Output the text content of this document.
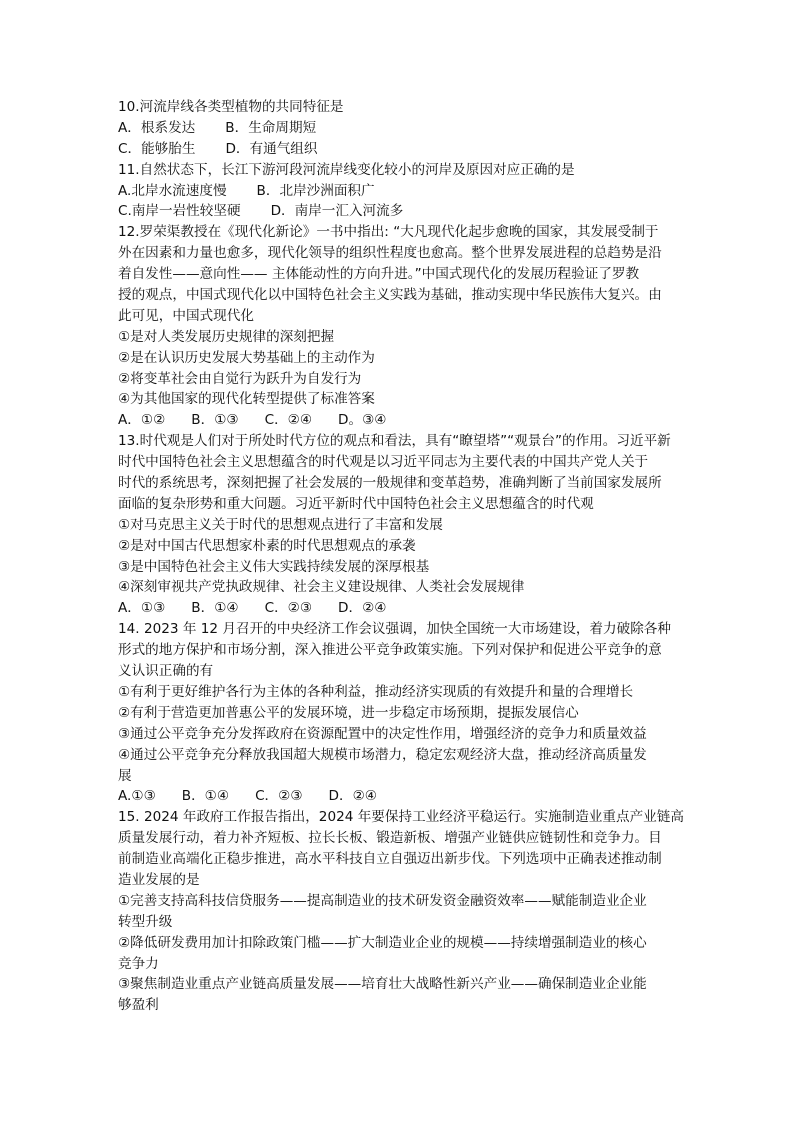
10.河流岸线各类型植物的共同特征是
A．根系发达 B．生命周期短
C．能够胎生 D．有通气组织
11.自然状态下，长江下游河段河流岸线变化较小的河岸及原因对应正确的是
A.北岸水流速度慢 B．北岸沙洲面积广
C.南岸一岩性较坚硬 D．南岸一汇入河流多
12.罗荣渠教授在《现代化新论》一书中指出: “大凡现代化起步愈晚的国家，其发展受制于
外在因素和力量也愈多，现代化领导的组织性程度也愈高。整个世界发展进程的总趋势是沿
着自发性——意向性—— 主体能动性的方向升进。”中国式现代化的发展历程验证了罗教
授的观点，中国式现代化以中国特色社会主义实践为基础，推动实现中华民族伟大复兴。由
此可见，中国式现代化
①是对人类发展历史规律的深刻把握
②是在认识历史发展大势基础上的主动作为
②将变革社会由自觉行为跃升为自发行为
④为其他国家的现代化转型提供了标准答案
A．①② B．①③ C．②④ D。③④
13.时代观是人们对于所处时代方位的观点和看法，具有“瞭望塔”“观景台”的作用。习近平新
时代中国特色社会主义思想蕴含的时代观是以习近平同志为主要代表的中国共产党人关于
时代的系统思考，深刻把握了社会发展的一般规律和变革趋势，准确判断了当前国家发展所
面临的复杂形势和重大问题。习近平新时代中国特色社会主义思想蕴含的时代观
①对马克思主义关于时代的思想观点进行了丰富和发展
②是对中国古代思想家朴素的时代思想观点的承袭
③是中国特色社会主义伟大实践持续发展的深厚根基
④深刻审视共产党执政规律、社会主义建设规律、人类社会发展规律
A．①③ B．①④ C．②③ D．②④
14. 2023 年 12 月召开的中央经济工作会议强调，加快全国统一大市场建设，着力破除各种
形式的地方保护和市场分割，深入推进公平竞争政策实施。下列对保护和促进公平竞争的意
义认识正确的有
①有利于更好维护各行为主体的各种利益，推动经济实现质的有效提升和量的合理增长
②有利于营造更加普惠公平的发展环境，进一步稳定市场预期，提振发展信心
③通过公平竞争充分发挥政府在资源配置中的决定性作用，增强经济的竞争力和质量效益
④通过公平竞争充分释放我国超大规模市场潜力，稳定宏观经济大盘，推动经济高质量发
展
A.①③ B．①④ C．②③ D．②④
15. 2024 年政府工作报告指出，2024 年要保持工业经济平稳运行。实施制造业重点产业链高
质量发展行动，着力补齐短板、拉长长板、锻造新板、增强产业链供应链韧性和竞争力。目
前制造业高端化正稳步推进，高水平科技自立自强迈出新步伐。下列选项中正确表述推动制
造业发展的是
①完善支持高科技信贷服务——提高制造业的技术研发资金融资效率——赋能制造业企业
转型升级
②降低研发费用加计扣除政策门槛——扩大制造业企业的规模——持续增强制造业的核心
竞争力
③聚焦制造业重点产业链高质量发展——培育壮大战略性新兴产业——确保制造业企业能
够盈利
